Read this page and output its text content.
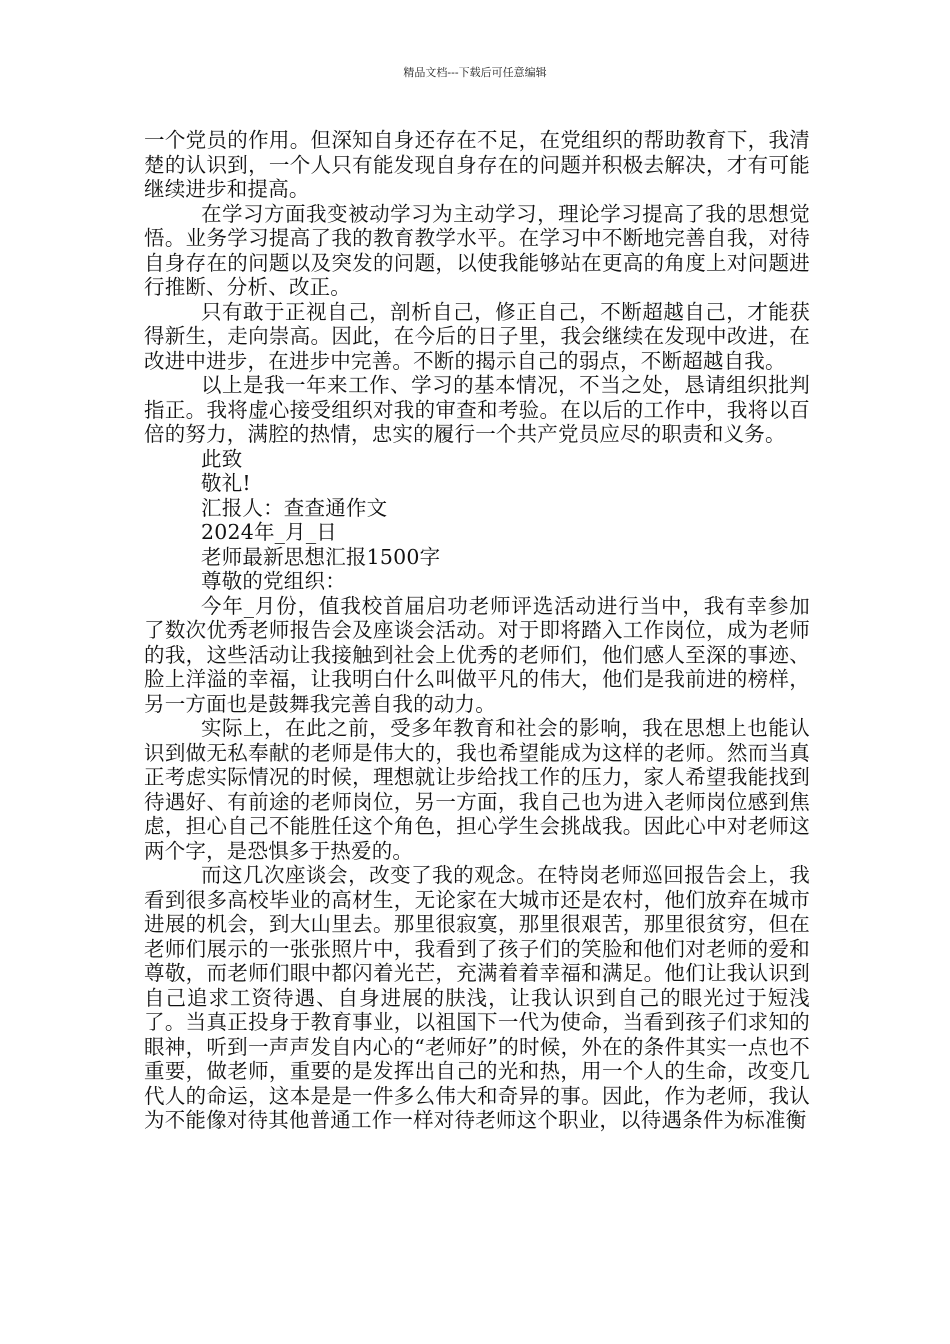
精品文档---下载后可任意编辑

一个党员的作用。但深知自身还存在不足，在党组织的帮助教育下，我清楚的认识到，一个人只有能发现自身存在的问题并积极去解决，才有可能继续进步和提高。

在学习方面我变被动学习为主动学习，理论学习提高了我的思想觉悟。业务学习提高了我的教育教学水平。在学习中不断地完善自我，对待自身存在的问题以及突发的问题，以使我能够站在更高的角度上对问题进行推断、分析、改正。

只有敢于正视自己，剖析自己，修正自己，不断超越自己，才能获得新生，走向崇高。因此，在今后的日子里，我会继续在发现中改进，在改进中进步，在进步中完善。不断的揭示自己的弱点，不断超越自我。

以上是我一年来工作、学习的基本情况，不当之处，恳请组织批判指正。我将虚心接受组织对我的审查和考验。在以后的工作中，我将以百倍的努力，满腔的热情，忠实的履行一个共产党员应尽的职责和义务。

此致

敬礼!

汇报人：查查通作文

2024年_月_日

老师最新思想汇报1500字

尊敬的党组织：

今年_月份，值我校首届启功老师评选活动进行当中，我有幸参加了数次优秀老师报告会及座谈会活动。对于即将踏入工作岗位，成为老师的我，这些活动让我接触到社会上优秀的老师们，他们感人至深的事迹、脸上洋溢的幸福，让我明白什么叫做平凡的伟大，他们是我前进的榜样，另一方面也是鼓舞我完善自我的动力。

实际上，在此之前，受多年教育和社会的影响，我在思想上也能认识到做无私奉献的老师是伟大的，我也希望能成为这样的老师。然而当真正考虑实际情况的时候，理想就让步给找工作的压力，家人希望我能找到待遇好、有前途的老师岗位，另一方面，我自己也为进入老师岗位感到焦虑，担心自己不能胜任这个角色，担心学生会挑战我。因此心中对老师这两个字，是恐惧多于热爱的。

而这几次座谈会，改变了我的观念。在特岗老师巡回报告会上，我看到很多高校毕业的高材生，无论家在大城市还是农村，他们放弃在城市进展的机会，到大山里去。那里很寂寞，那里很艰苦，那里很贫穷，但在老师们展示的一张张照片中，我看到了孩子们的笑脸和他们对老师的爱和尊敬，而老师们眼中都闪着光芒，充满着着幸福和满足。他们让我认识到自己追求工资待遇、自身进展的肤浅，让我认识到自己的眼光过于短浅了。当真正投身于教育事业，以祖国下一代为使命，当看到孩子们求知的眼神，听到一声声发自内心的“老师好”的时候，外在的条件其实一点也不重要，做老师，重要的是发挥出自己的光和热，用一个人的生命，改变几代人的命运，这本是是一件多么伟大和奇异的事。因此，作为老师，我认为不能像对待其他普通工作一样对待老师这个职业，以待遇条件为标准衡
